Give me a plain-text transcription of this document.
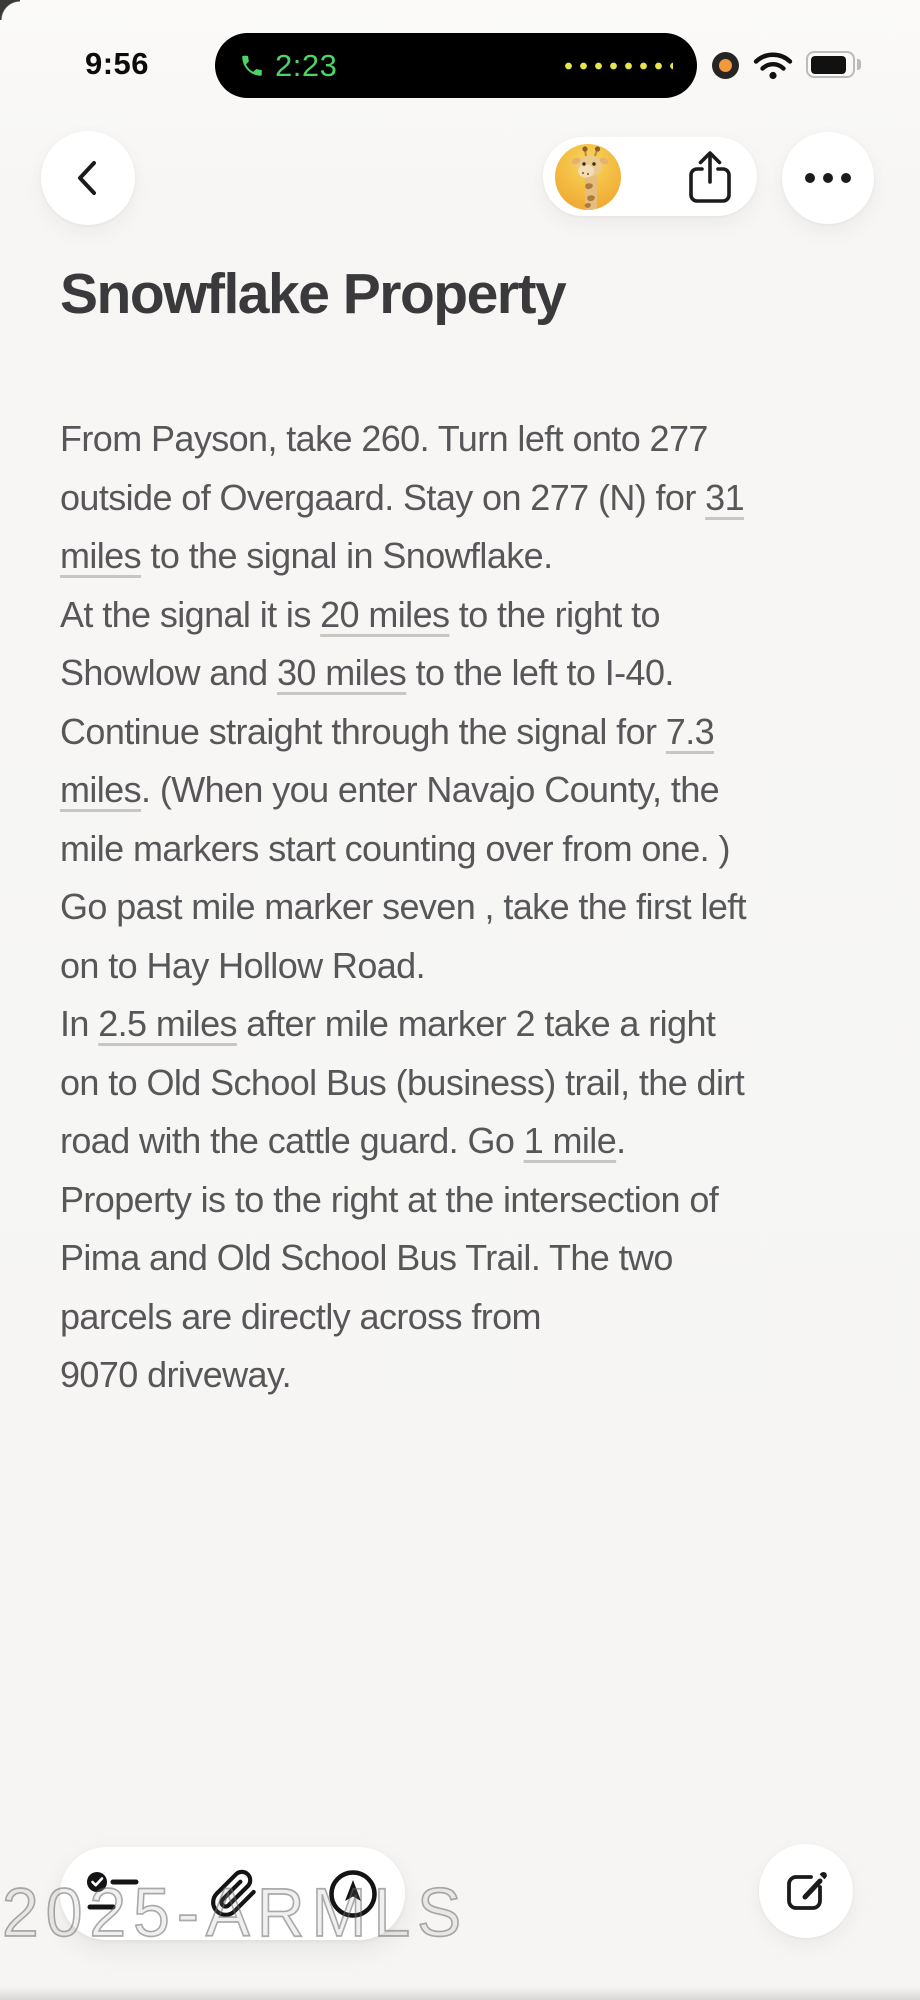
9:56	2:23
Snowflake Property
From Payson, take 260. Turn left onto 277
outside of Overgaard. Stay on 277 (N) for 31
miles to the signal in Snowflake.
At the signal it is 20 miles to the right to
Showlow and 30 miles to the left to I-40.
Continue straight through the signal for 7.3
miles. (When you enter Navajo County, the
mile markers start counting over from one. )
Go past mile marker seven , take the first left
on to Hay Hollow Road.
In 2.5 miles after mile marker 2 take a right
on to Old School Bus (business) trail, the dirt
road with the cattle guard. Go 1 mile.
Property is to the right at the intersection of
Pima and Old School Bus Trail. The two
parcels are directly across from
9070 driveway.
